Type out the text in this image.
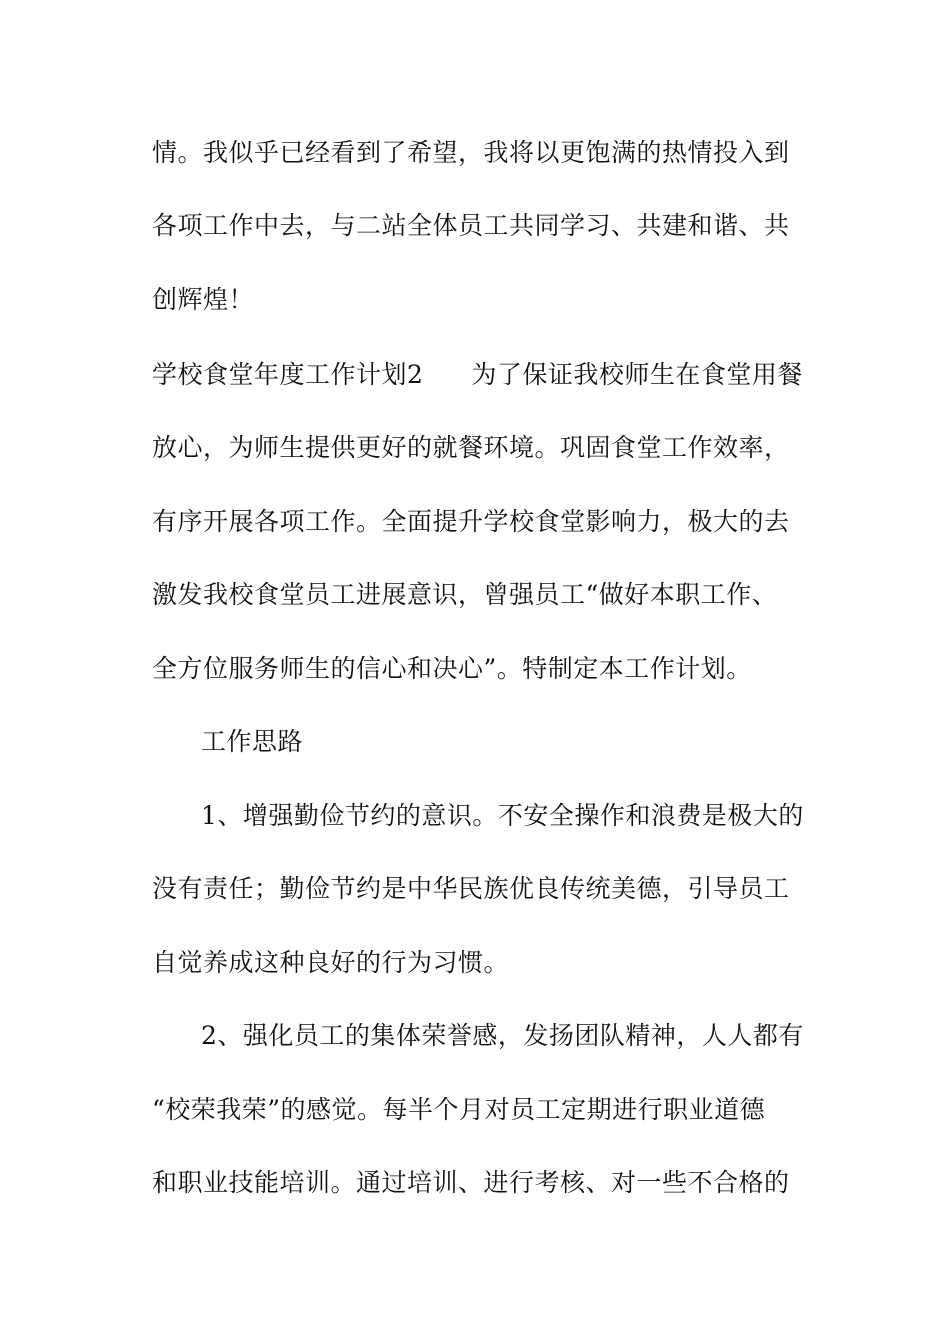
情。我似乎已经看到了希望，我将以更饱满的热情投入到
各项工作中去，与二站全体员工共同学习、共建和谐、共
创辉煌！
学校食堂年度工作计划2 为了保证我校师生在食堂用餐
放心，为师生提供更好的就餐环境。巩固食堂工作效率，
有序开展各项工作。全面提升学校食堂影响力，极大的去
激发我校食堂员工进展意识，曾强员工“做好本职工作、
全方位服务师生的信心和决心”。特制定本工作计划。
工作思路
1、增强勤俭节约的意识。不安全操作和浪费是极大的
没有责任；勤俭节约是中华民族优良传统美德，引导员工
自觉养成这种良好的行为习惯。
2、强化员工的集体荣誉感，发扬团队精神，人人都有
“校荣我荣”的感觉。每半个月对员工定期进行职业道德
和职业技能培训。通过培训、进行考核、对一些不合格的
